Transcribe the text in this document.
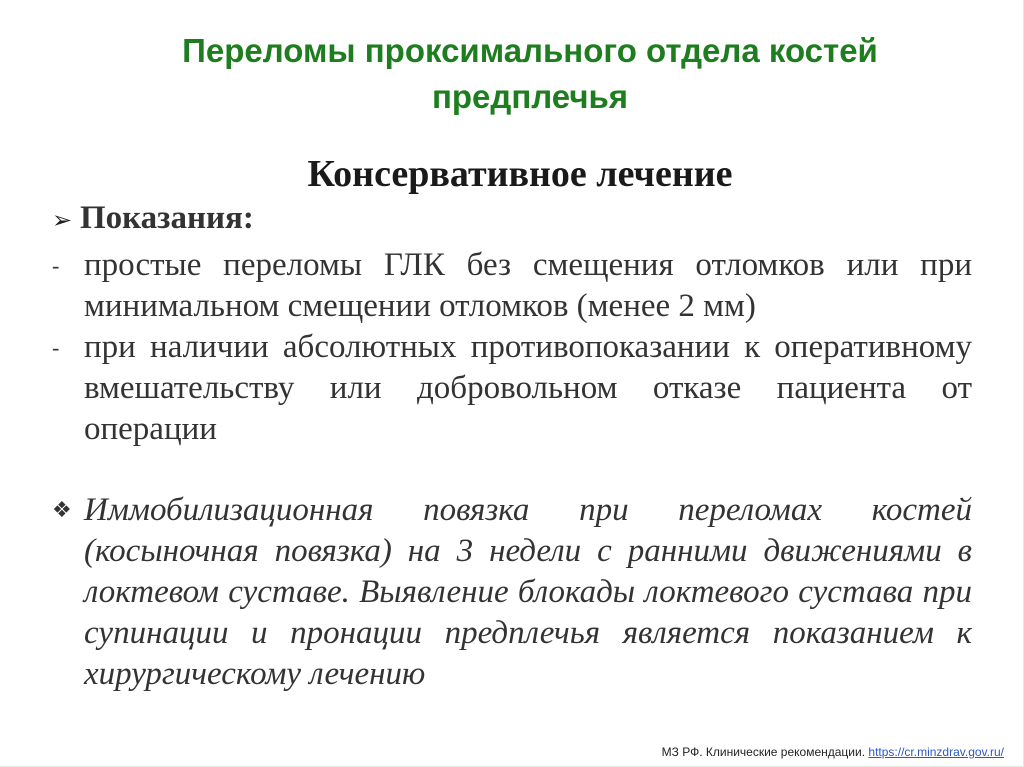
Переломы проксимального отдела костей предплечья
Консервативное лечение
➢ Показания:
- простые переломы ГЛК без смещения отломков или при минимальном смещении отломков (менее 2 мм)
- при наличии абсолютных противопоказании к оперативному вмешательству или добровольном отказе пациента от операции
❖ Иммобилизационная повязка при переломах костей (косыночная повязка) на 3 недели с ранними движениями в локтевом суставе. Выявление блокады локтевого сустава при супинации и пронации предплечья является показанием к хирургическому лечению
МЗ РФ. Клинические рекомендации. https://cr.minzdrav.gov.ru/
